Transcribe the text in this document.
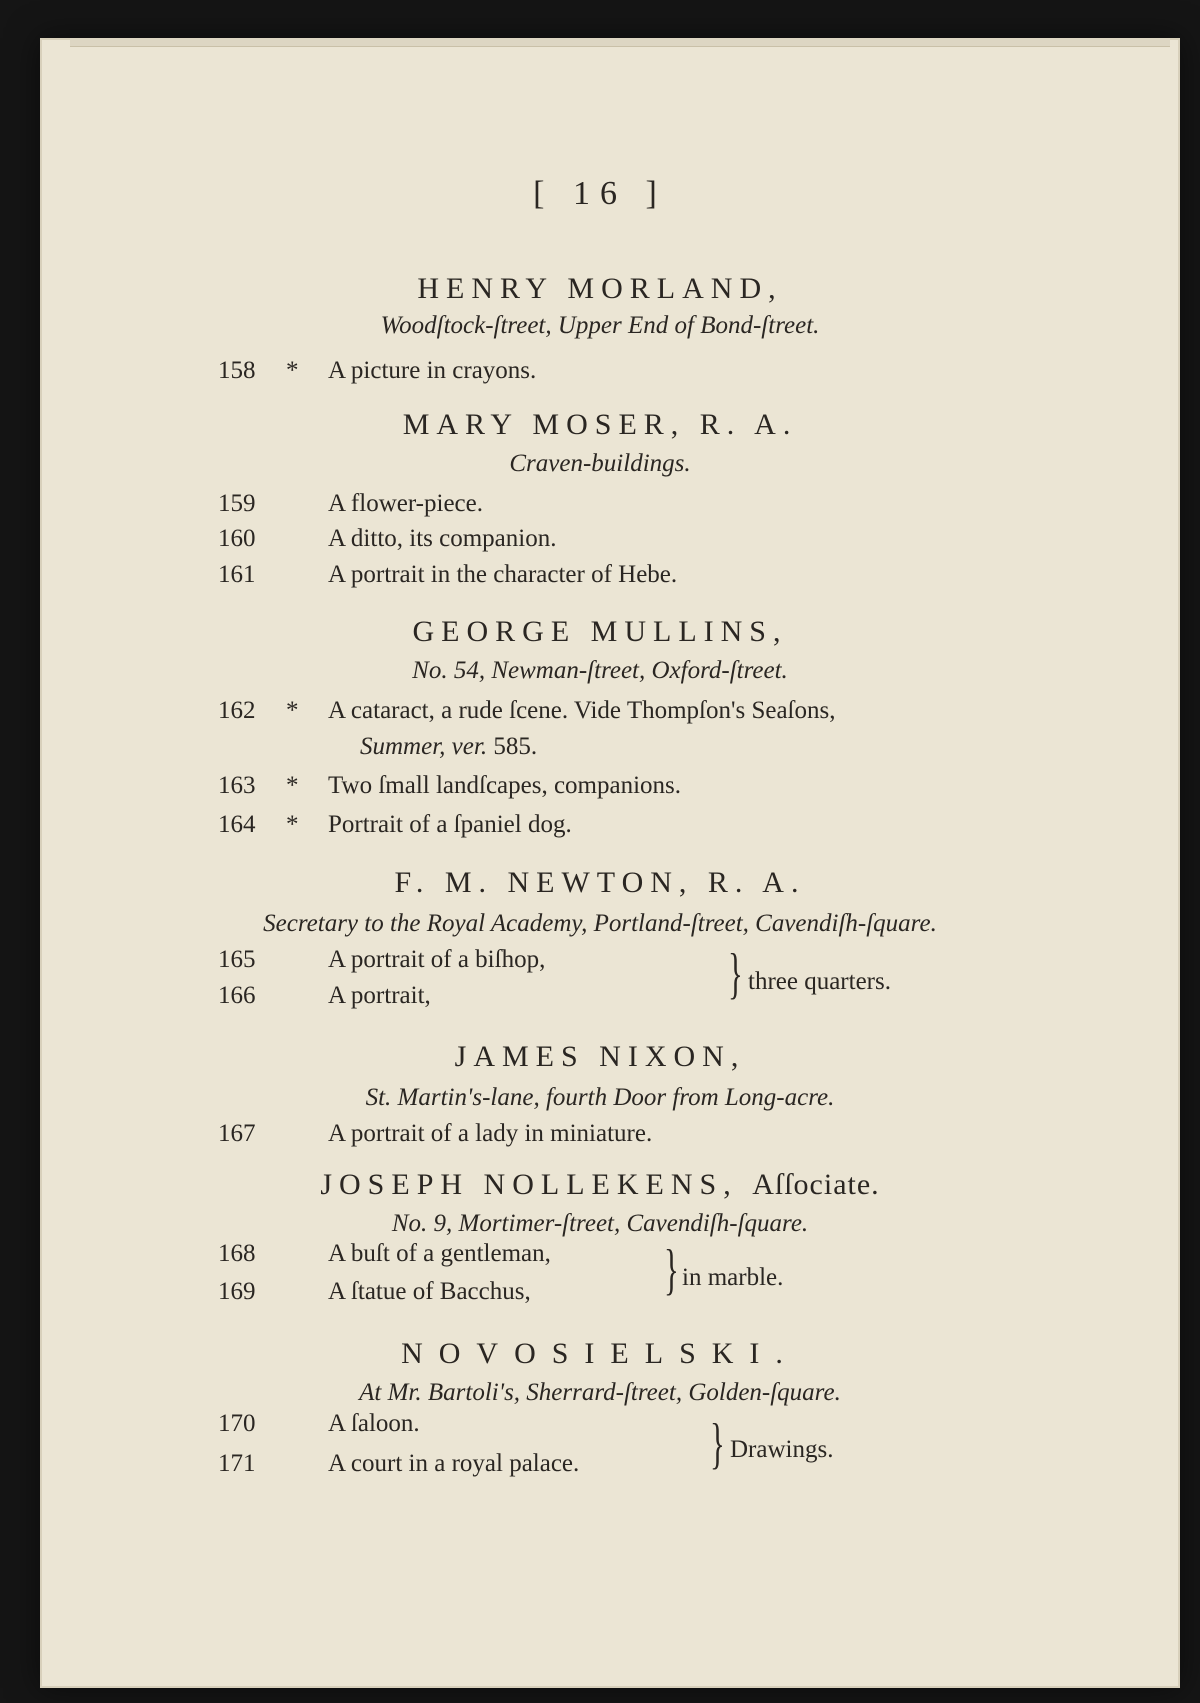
[ 16 ]
HENRY MORLAND,
Woodſtock-ſtreet, Upper End of Bond-ſtreet.
158	* A picture in crayons.
MARY MOSER, R. A.
Craven-buildings.
159	A flower-piece.
160	A ditto, its companion.
161	A portrait in the character of Hebe.
GEORGE MULLINS,
No. 54, Newman-ſtreet, Oxford-ſtreet.
162	* A cataract, a rude ſcene. Vide Thompſon's Seaſons,
Summer, ver. 585.
163	* Two ſmall landſcapes, companions.
164	* Portrait of a ſpaniel dog.
F. M. NEWTON, R. A.
Secretary to the Royal Academy, Portland-ſtreet, Cavendiſh-ſquare.
165	A portrait of a biſhop,
166	A portrait,	} three quarters.
JAMES NIXON,
St. Martin's-lane, fourth Door from Long-acre.
167	A portrait of a lady in miniature.
JOSEPH NOLLEKENS, Aſſociate.
No. 9, Mortimer-ſtreet, Cavendiſh-ſquare.
168	A buſt of a gentleman,
169	A ſtatue of Bacchus, } in marble.
NOVOSIELSKI.
At Mr. Bartoli's, Sherrard-ſtreet, Golden-ſquare.
170	A ſaloon.
171	A court in a royal palace. } Drawings.
